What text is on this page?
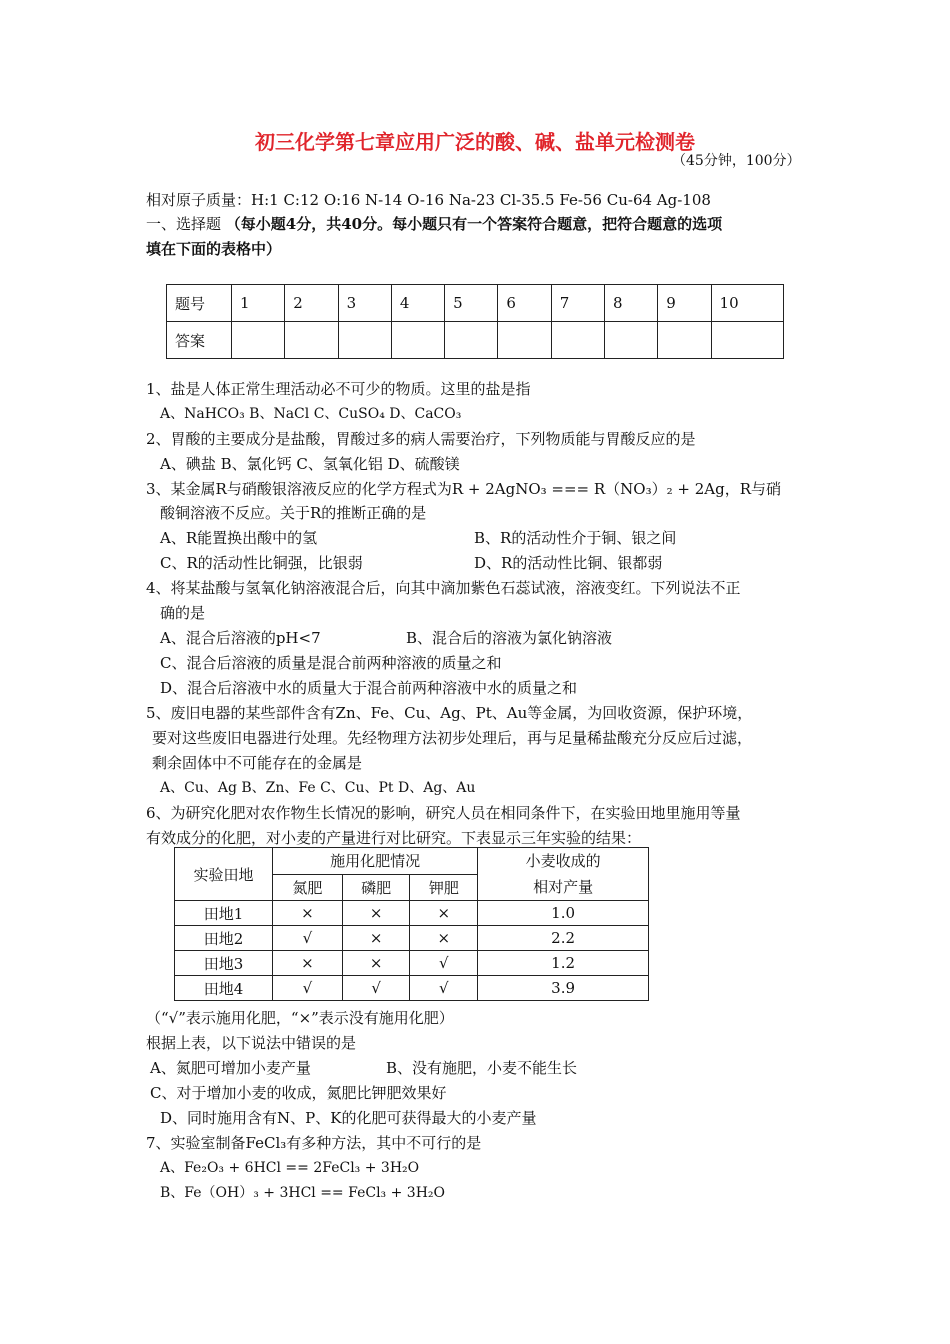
初三化学第七章应用广泛的酸、碱、盐单元检测卷
（45分钟，100分）
相对原子质量：H:1 C:12 O:16 N-14 O-16 Na-23 Cl-35.5 Fe-56 Cu-64 Ag-108
一、选择题 （每小题4分，共40分。每小题只有一个答案符合题意，把符合题意的选项
填在下面的表格中）
题号	1	2	3	4	5	6	7	8	9	10
答案										
1、盐是人体正常生理活动必不可少的物质。这里的盐是指
A、NaHCO₃ B、NaCl C、CuSO₄ D、CaCO₃
2、胃酸的主要成分是盐酸，胃酸过多的病人需要治疗，下列物质能与胃酸反应的是
A、碘盐 B、氯化钙 C、氢氧化铝 D、硫酸镁
3、某金属R与硝酸银溶液反应的化学方程式为R + 2AgNO₃ === R（NO₃）₂ + 2Ag，R与硝
酸铜溶液不反应。关于R的推断正确的是
A、R能置换出酸中的氢	B、R的活动性介于铜、银之间
C、R的活动性比铜强，比银弱	D、R的活动性比铜、银都弱
4、将某盐酸与氢氧化钠溶液混合后，向其中滴加紫色石蕊试液，溶液变红。下列说法不正
确的是
A、混合后溶液的pH<7	B、混合后的溶液为氯化钠溶液
C、混合后溶液的质量是混合前两种溶液的质量之和
D、混合后溶液中水的质量大于混合前两种溶液中水的质量之和
5、废旧电器的某些部件含有Zn、Fe、Cu、Ag、Pt、Au等金属，为回收资源，保护环境，
要对这些废旧电器进行处理。先经物理方法初步处理后，再与足量稀盐酸充分反应后过滤，
剩余固体中不可能存在的金属是
A、Cu、Ag B、Zn、Fe C、Cu、Pt D、Ag、Au
6、为研究化肥对农作物生长情况的影响，研究人员在相同条件下，在实验田地里施用等量
有效成分的化肥，对小麦的产量进行对比研究。下表显示三年实验的结果：
实验田地	施用化肥情况			小麦收成的
相对产量

	氮肥	磷肥	钾肥	
田地1	×	×	×	1.0
田地2	√	×	×	2.2
田地3	×	×	√	1.2
田地4	√	√	√	3.9
（“√”表示施用化肥，“×”表示没有施用化肥）
根据上表，以下说法中错误的是
A、氮肥可增加小麦产量	B、没有施肥，小麦不能生长
C、对于增加小麦的收成，氮肥比钾肥效果好
D、同时施用含有N、P、K的化肥可获得最大的小麦产量
7、实验室制备FeCl₃有多种方法，其中不可行的是
A、Fe₂O₃ + 6HCl == 2FeCl₃ + 3H₂O
B、Fe（OH）₃ + 3HCl == FeCl₃ + 3H₂O
